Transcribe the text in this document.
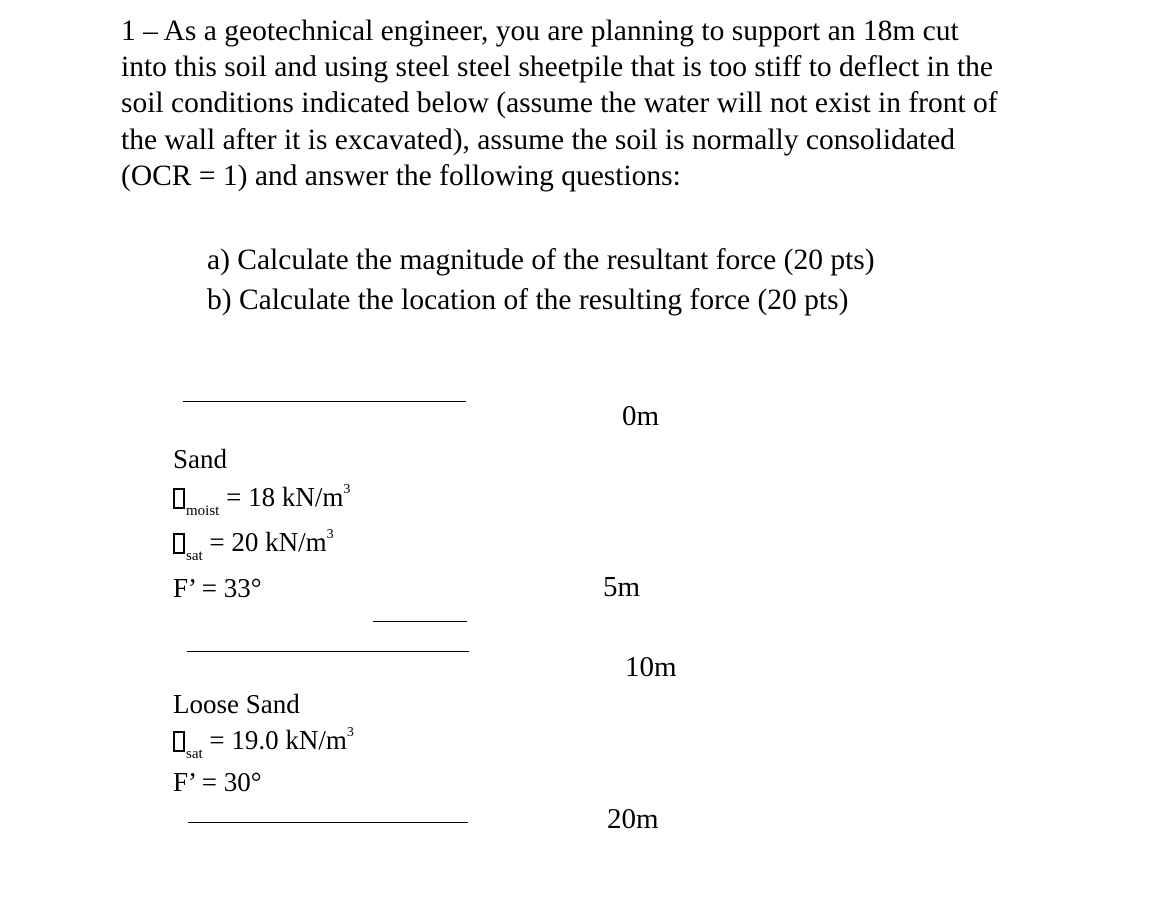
1 – As a geotechnical engineer, you are planning to support an 18m cut
into this soil and using steel steel sheetpile that is too stiff to deflect in the
soil conditions indicated below (assume the water will not exist in front of
the wall after it is excavated), assume the soil is normally consolidated
(OCR = 1) and answer the following questions:
a) Calculate the magnitude of the resultant force (20 pts)
b) Calculate the location of the resulting force (20 pts)
0m
Sand
$_{moist}$ = 18 $kN/m^3$
$_{sat}$ = 20 $kN/m^3$
F’ = 33°	5m
10m
Loose Sand
$_{sat}$ = 19.0 $kN/m^3$
F’ = 30°
20m
